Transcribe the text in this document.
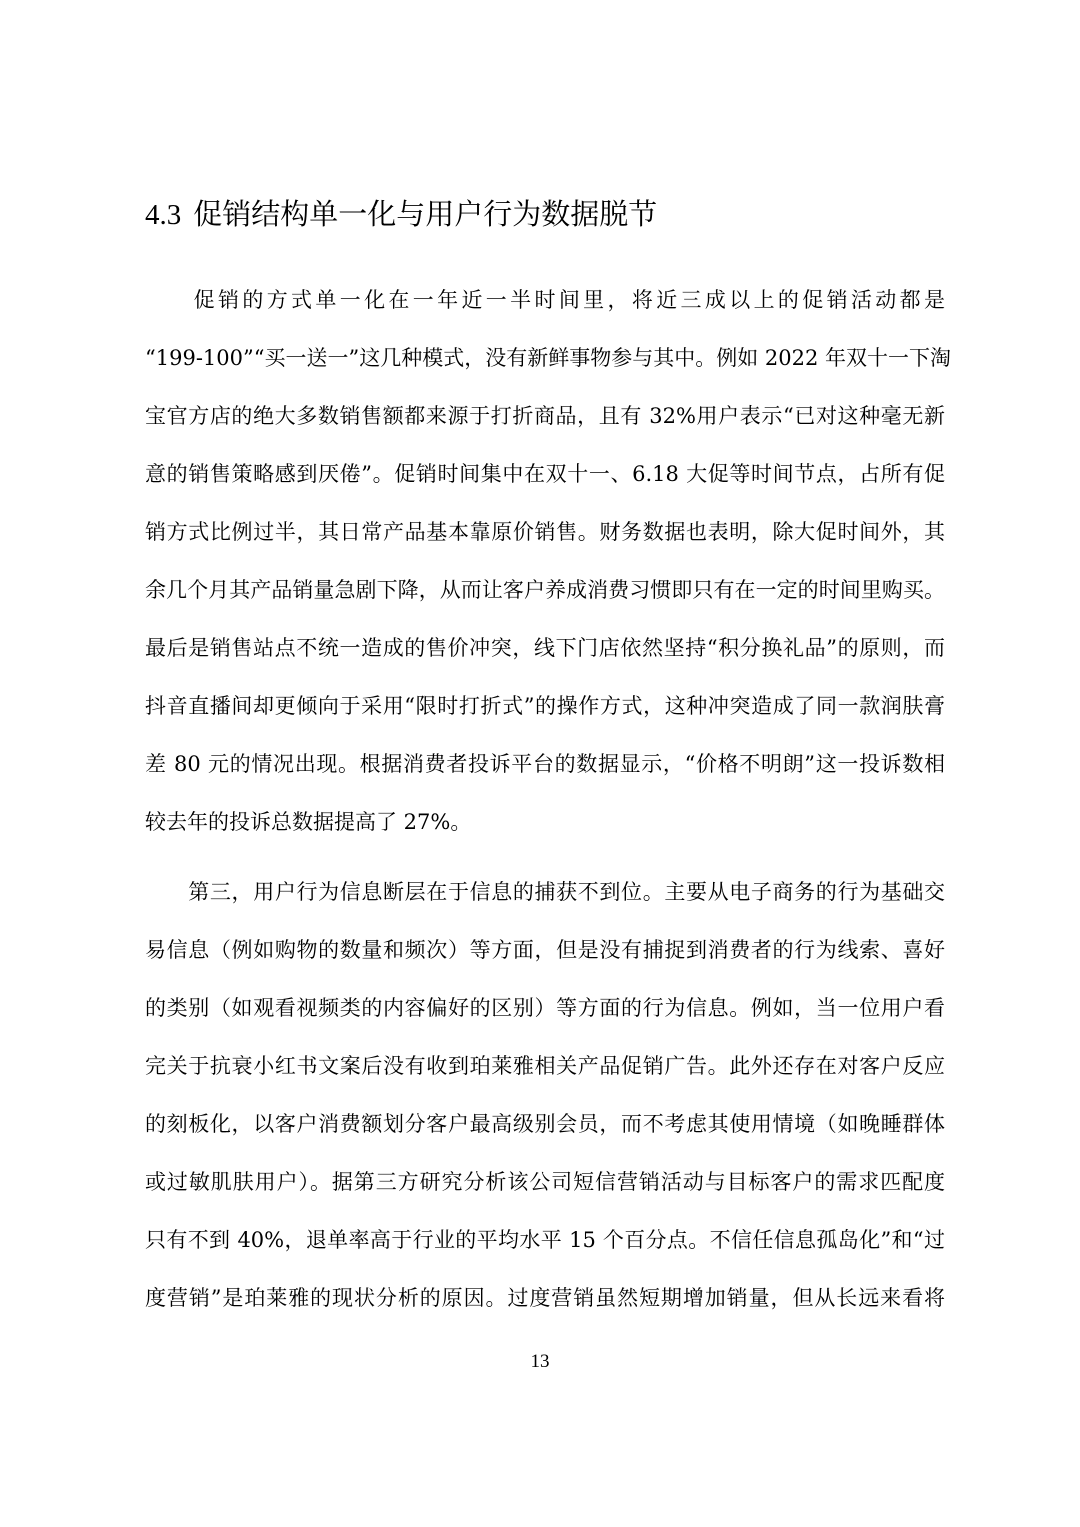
4.3 促销结构单一化与用户行为数据脱节
　　促销的方式单一化在一年近一半时间里，将近三成以上的促销活动都是
“199-100”“买一送一”这几种模式，没有新鲜事物参与其中。例如 2022 年双十一下淘
宝官方店的绝大多数销售额都来源于打折商品，且有 32%用户表示“已对这种毫无新
意的销售策略感到厌倦”。促销时间集中在双十一、6.18 大促等时间节点，占所有促
销方式比例过半，其日常产品基本靠原价销售。财务数据也表明，除大促时间外，其
余几个月其产品销量急剧下降，从而让客户养成消费习惯即只有在一定的时间里购买。
最后是销售站点不统一造成的售价冲突，线下门店依然坚持“积分换礼品”的原则，而
抖音直播间却更倾向于采用“限时打折式”的操作方式，这种冲突造成了同一款润肤膏
差 80 元的情况出现。根据消费者投诉平台的数据显示，“价格不明朗”这一投诉数相
较去年的投诉总数据提高了 27%。
　　第三，用户行为信息断层在于信息的捕获不到位。主要从电子商务的行为基础交
易信息（例如购物的数量和频次）等方面，但是没有捕捉到消费者的行为线索、喜好
的类别（如观看视频类的内容偏好的区别）等方面的行为信息。例如，当一位用户看
完关于抗衰小红书文案后没有收到珀莱雅相关产品促销广告。此外还存在对客户反应
的刻板化，以客户消费额划分客户最高级别会员，而不考虑其使用情境（如晚睡群体
或过敏肌肤用户）。据第三方研究分析该公司短信营销活动与目标客户的需求匹配度
只有不到 40%，退单率高于行业的平均水平 15 个百分点。不信任信息孤岛化”和“过
度营销”是珀莱雅的现状分析的原因。过度营销虽然短期增加销量，但从长远来看将
13
